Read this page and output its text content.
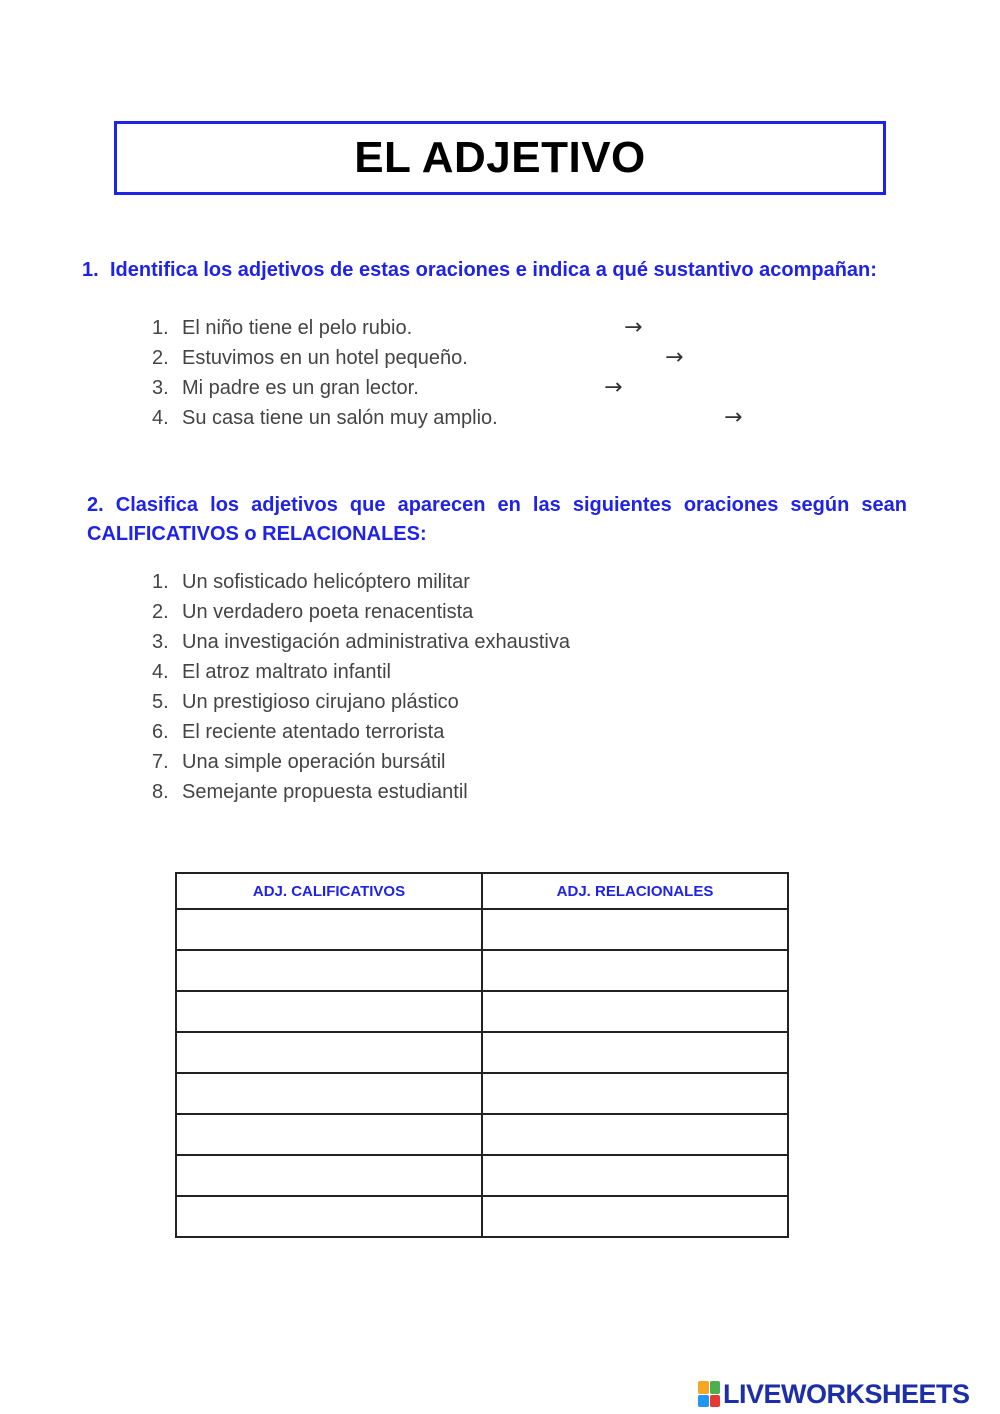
EL ADJETIVO
1. Identifica los adjetivos de estas oraciones e indica a qué sustantivo acompañan:
1. El niño tiene el pelo rubio.	→
2. Estuvimos en un hotel pequeño.	→
3. Mi padre es un gran lector.	→
4. Su casa tiene un salón muy amplio.	→
2. Clasifica los adjetivos que aparecen en las siguientes oraciones según sean CALIFICATIVOS o RELACIONALES:
1. Un sofisticado helicóptero militar
2. Un verdadero poeta renacentista
3. Una investigación administrativa exhaustiva
4. El atroz maltrato infantil
5. Un prestigioso cirujano plástico
6. El reciente atentado terrorista
7. Una simple operación bursátil
8. Semejante propuesta estudiantil
ADJ. CALIFICATIVOS	ADJ. RELACIONALES

LIVEWORKSHEETS
